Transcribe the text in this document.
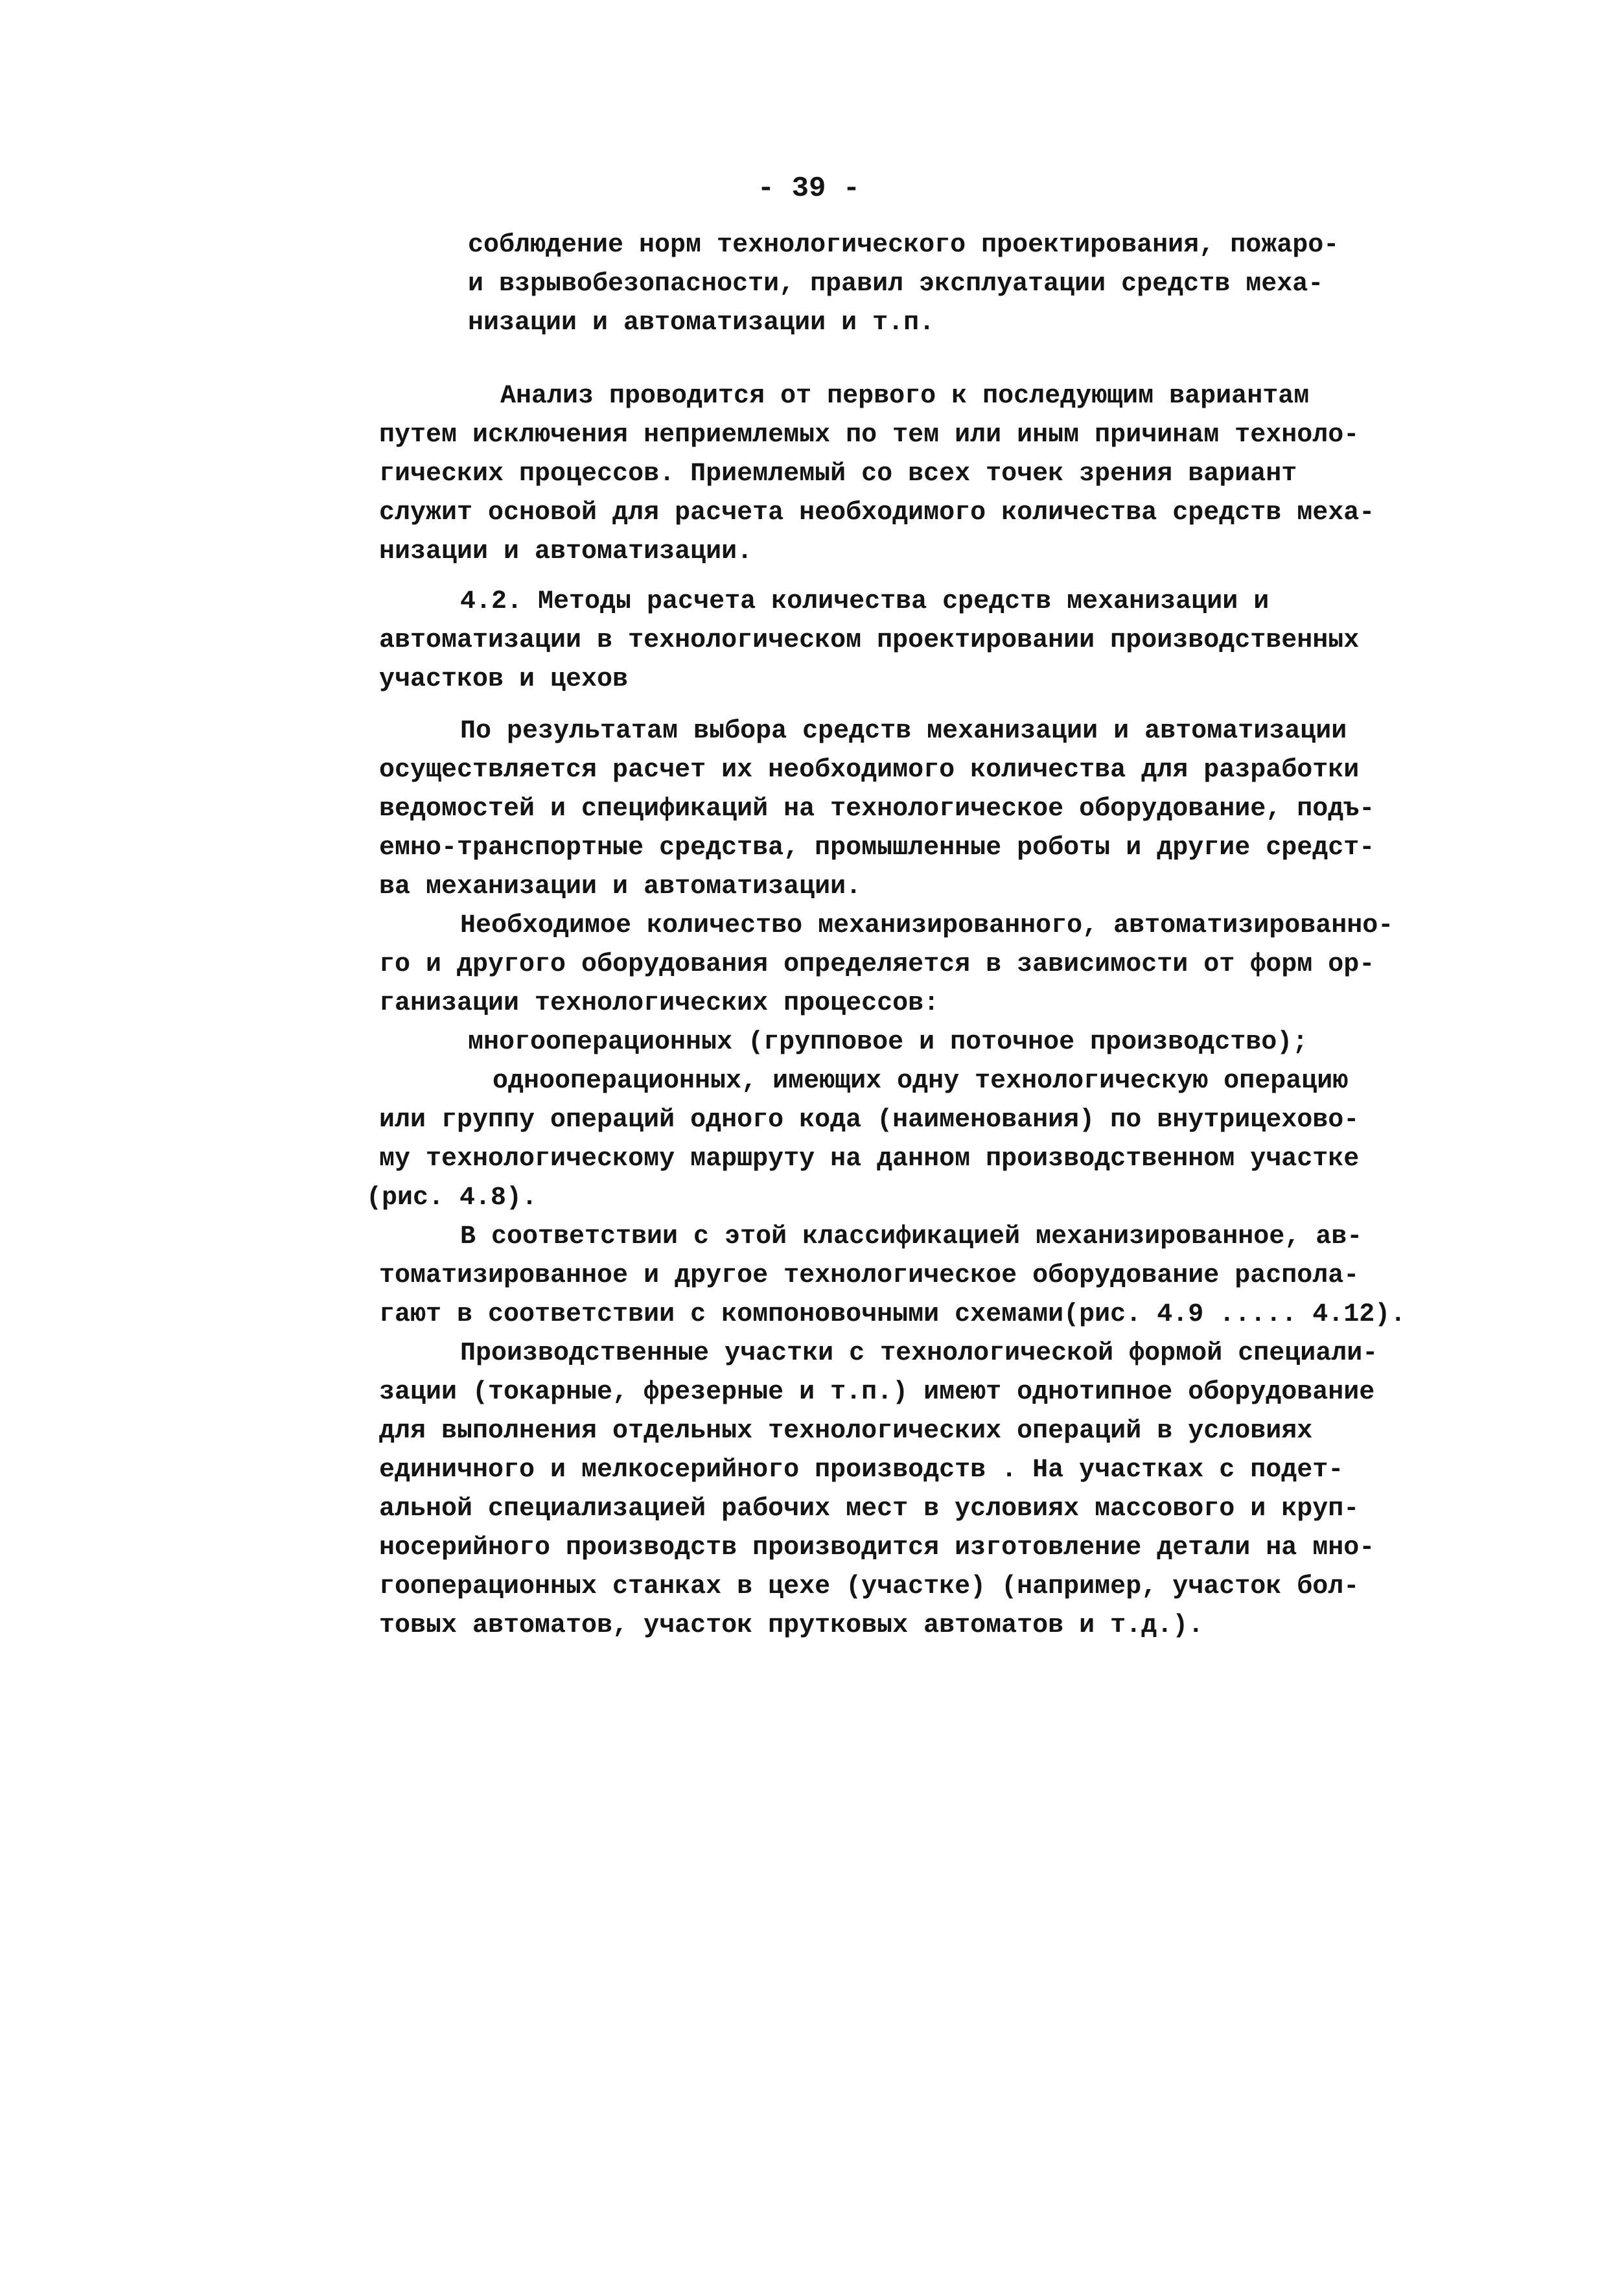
- 39 -
соблюдение норм технологического проектирования, пожаро-
и взрывобезопасности, правил эксплуатации средств меха-
низации и автоматизации и т.п.
Анализ проводится от первого к последующим вариантам
путем исключения неприемлемых по тем или иным причинам техноло-
гических процессов. Приемлемый со всех точек зрения вариант
служит основой для расчета необходимого количества средств меха-
низации и автоматизации.
4.2. Методы расчета количества средств механизации и
автоматизации в технологическом проектировании производственных
участков и цехов
По результатам выбора средств механизации и автоматизации
осуществляется расчет их необходимого количества для разработки
ведомостей и спецификаций на технологическое оборудование, подъ-
емно-транспортные средства, промышленные роботы и другие средст-
ва механизации и автоматизации.
Необходимое количество механизированного, автоматизированно-
го и другого оборудования определяется в зависимости от форм ор-
ганизации технологических процессов:
многооперационных (групповое и поточное производство);
однооперационных, имеющих одну технологическую операцию
или группу операций одного кода (наименования) по внутрицехово-
му технологическому маршруту на данном производственном участке
(рис. 4.8).
В соответствии с этой классификацией механизированное, ав-
томатизированное и другое технологическое оборудование распола-
гают в соответствии с компоновочными схемами(рис. 4.9 ..... 4.12).
Производственные участки с технологической формой специали-
зации (токарные, фрезерные и т.п.) имеют однотипное оборудование
для выполнения отдельных технологических операций в условиях
единичного и мелкосерийного производств . На участках с подет-
альной специализацией рабочих мест в условиях массового и круп-
носерийного производств производится изготовление детали на мно-
гооперационных станках в цехе (участке) (например, участок бол-
товых автоматов, участок прутковых автоматов и т.д.).
